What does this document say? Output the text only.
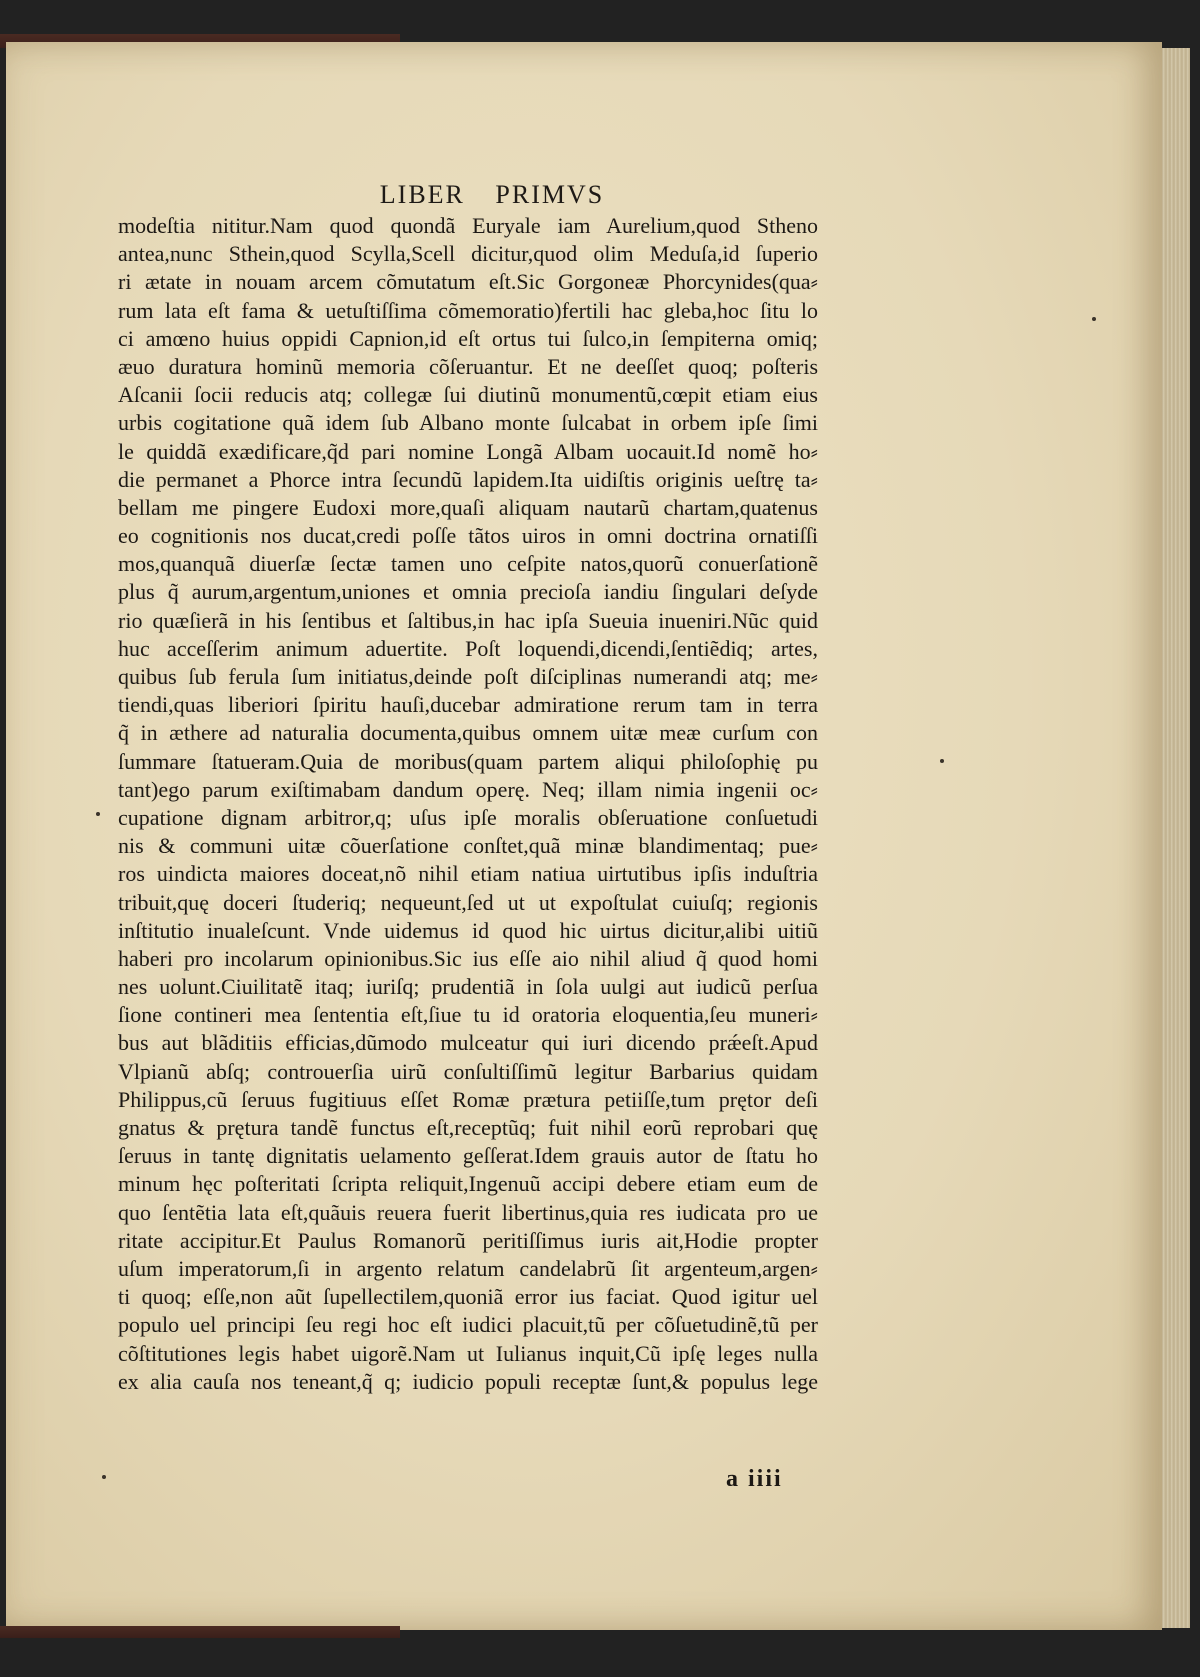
LIBER PRIMVS
modeſtia nititur.Nam quod quondã Euryale iam Aurelium,quod Stheno
antea,nunc Sthein,quod Scylla,Scell dicitur,quod olim Meduſa,id ſuperio
ri ætate in nouam arcem cõmutatum eſt.Sic Gorgoneæ Phorcynides(qua⸗
rum lata eſt fama & uetuſtiſſima cõmemoratio)fertili hac gleba,hoc ſitu lo
ci amœno huius oppidi Capnion,id eſt ortus tui ſulco,in ſempiterna omiq;
æuo duratura hominũ memoria cõſeruantur. Et ne deeſſet quoq; poſteris
Aſcanii ſocii reducis atq; collegæ ſui diutinũ monumentũ,cœpit etiam eius
urbis cogitatione quã idem ſub Albano monte ſulcabat in orbem ipſe ſimi
le quiddã exædificare,q̃d pari nomine Longã Albam uocauit.Id nomẽ ho⸗
die permanet a Phorce intra ſecundũ lapidem.Ita uidiſtis originis ueſtrę ta⸗
bellam me pingere Eudoxi more,quaſi aliquam nautarũ chartam,quatenus
eo cognitionis nos ducat,credi poſſe tãtos uiros in omni doctrina ornatiſſi
mos,quanquã diuerſæ ſectæ tamen uno ceſpite natos,quorũ conuerſationẽ
plus q̃ aurum,argentum,uniones et omnia precioſa iandiu ſingulari deſyde
rio quæſierã in his ſentibus et ſaltibus,in hac ipſa Sueuia inueniri.Nũc quid
huc acceſſerim animum aduertite. Poſt loquendi,dicendi,ſentiẽdiq; artes,
quibus ſub ferula ſum initiatus,deinde poſt diſciplinas numerandi atq; me⸗
tiendi,quas liberiori ſpiritu hauſi,ducebar admiratione rerum tam in terra
q̃ in æthere ad naturalia documenta,quibus omnem uitæ meæ curſum con
ſummare ſtatueram.Quia de moribus(quam partem aliqui philoſophię pu
tant)ego parum exiſtimabam dandum operę. Neq; illam nimia ingenii oc⸗
cupatione dignam arbitror,q; uſus ipſe moralis obſeruatione conſuetudi
nis & communi uitæ cõuerſatione conſtet,quã minæ blandimentaq; pue⸗
ros uindicta maiores doceat,nõ nihil etiam natiua uirtutibus ipſis induſtria
tribuit,quę doceri ſtuderiq; nequeunt,ſed ut ut expoſtulat cuiuſq; regionis
inſtitutio inualeſcunt. Vnde uidemus id quod hic uirtus dicitur,alibi uitiũ
haberi pro incolarum opinionibus.Sic ius eſſe aio nihil aliud q̃ quod homi
nes uolunt.Ciuilitatẽ itaq; iuriſq; prudentiã in ſola uulgi aut iudicũ perſua
ſione contineri mea ſententia eſt,ſiue tu id oratoria eloquentia,ſeu muneri⸗
bus aut blãditiis efficias,dũmodo mulceatur qui iuri dicendo prǽeſt.Apud
Vlpianũ abſq; controuerſia uirũ conſultiſſimũ legitur Barbarius quidam
Philippus,cũ ſeruus fugitiuus eſſet Romæ prætura petiiſſe,tum prętor deſi
gnatus & prętura tandẽ functus eſt,receptũq; fuit nihil eorũ reprobari quę
ſeruus in tantę dignitatis uelamento geſſerat.Idem grauis autor de ſtatu ho
minum hęc poſteritati ſcripta reliquit,Ingenuũ accipi debere etiam eum de
quo ſentẽtia lata eſt,quãuis reuera fuerit libertinus,quia res iudicata pro ue
ritate accipitur.Et Paulus Romanorũ peritiſſimus iuris ait,Hodie propter
uſum imperatorum,ſi in argento relatum candelabrũ ſit argenteum,argen⸗
ti quoq; eſſe,non aũt ſupellectilem,quoniã error ius faciat. Quod igitur uel
populo uel principi ſeu regi hoc eſt iudici placuit,tũ per cõſuetudinẽ,tũ per
cõſtitutiones legis habet uigorẽ.Nam ut Iulianus inquit,Cũ ipſę leges nulla
ex alia cauſa nos teneant,q̃ q; iudicio populi receptæ ſunt,& populus lege
a iiii
